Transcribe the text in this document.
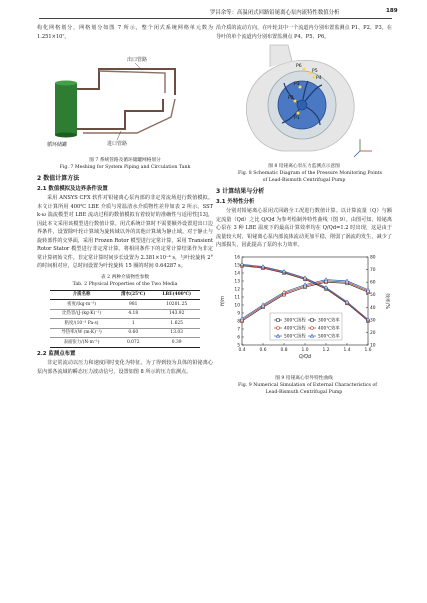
罗昌余等：高温闭式回路铅铋离心泵内流特性数值分析	189

构化网格划分，网格划分如图 7 所示，整个闭式系统网格单元数为 1.251×10⁷。

出口管路
循环储罐	进口管路
图 7 系统管路及循环储罐网格划分
Fig. 7 Meshing for System Piping and Circulation Tank
2 数值计算方法
2.1 数值模拟及边界条件设置

采用 ANSYS CFX 软件对铅铋离心泵内部的非定常流场进行数值模拟。本文计算所用 400℃ LBE 介质与常温清水介质物性差异如表 2 所示。SST k-ω 湍流模型对 LBE 流动过程的数值模拟有着较好的准确性与适用性[13]，因此本文采用该模型进行数值计算。闭式系统计算时不需要额外设置进出口边界条件，设置除叶轮计算域为旋转域以外的其他计算域为静止域。对于静止与旋转部件的交界面，采用 Frozen Rotor 模型进行定常计算，采用 Transient Rotor Stator 模型进行非定常计算。将相同条件下的定常计算结果作为非定常计算初始文件。非定常计算时间步长设置为 2.381×10⁻⁴ s，与叶轮旋转 2°的时间相对应，总时间设置为叶轮旋转 15 圈的时间 0.64287 s。

表 2 两种介质物性参数
Tab. 2 Physical Properties of the Two Media
介质名称	清水(25℃)	LBE(400℃)
密度/(kg·m⁻³)	981	10201.25
比热容/(J·(kg·K)⁻¹)	4.18	143.92
粘度/(10⁻³ Pa·s)	1	1.625
导热率/(W·(m·K)⁻¹)	0.60	13.03
表面张力/(N·m⁻¹)	0.072	0.39
2.2 监测点布置

非定常流动以压力和速度同时变化为特征。为了得到较为具体的铅铋离心泵内部各流域的瞬态压力波动信号，设置如图 8 所示的压力监测点。

沿介质的流动方向，在叶轮其中一个流道内分别布置监测点 P1、P2、P3，在导叶的单个流道内分别布置监测点 P4、P5、P6。

P1
P2
P3
P4
P5
P6
图 8 铅铋离心泵压力监测点示意图
Fig. 8 Schematic Diagram of the Pressure Monitoring Points
of Lead-Bismuth Centrifugal Pump
3 计算结果与分析
3.1 外特性分析

分别对铅铋离心泵闭式回路全工况进行数值计算。以计算流量（Q）与额定流量（Qd）之比 Q/Qd 为参考绘制外特性曲线（图 9）。由图可知，铅铋离心泵在 3 种 LBE 温度下的最高计算效率均在 Q/Qd=1.2 时出现，这是由于流量较大时，铅铋离心泵内部流体流动更加平稳，削弱了涡流的发生，减少了内部损失，因此提高了泵的水力效率。

0.4	0.6	0.8	1.0	1.2	1.4	1.6
5
6
7
8
9
10
11
12
13
14
15
16
10
20
30
40
50
60
70
80
Q/Qd
H/m	效率/%
300℃扬程
400℃扬程
500℃扬程
300℃效率
400℃效率
500℃效率
图 9 铅铋离心泵外特性曲线
Fig. 9 Numerical Simulation of External Characteristics of
Lead-Bismuth Centrifugal Pump
